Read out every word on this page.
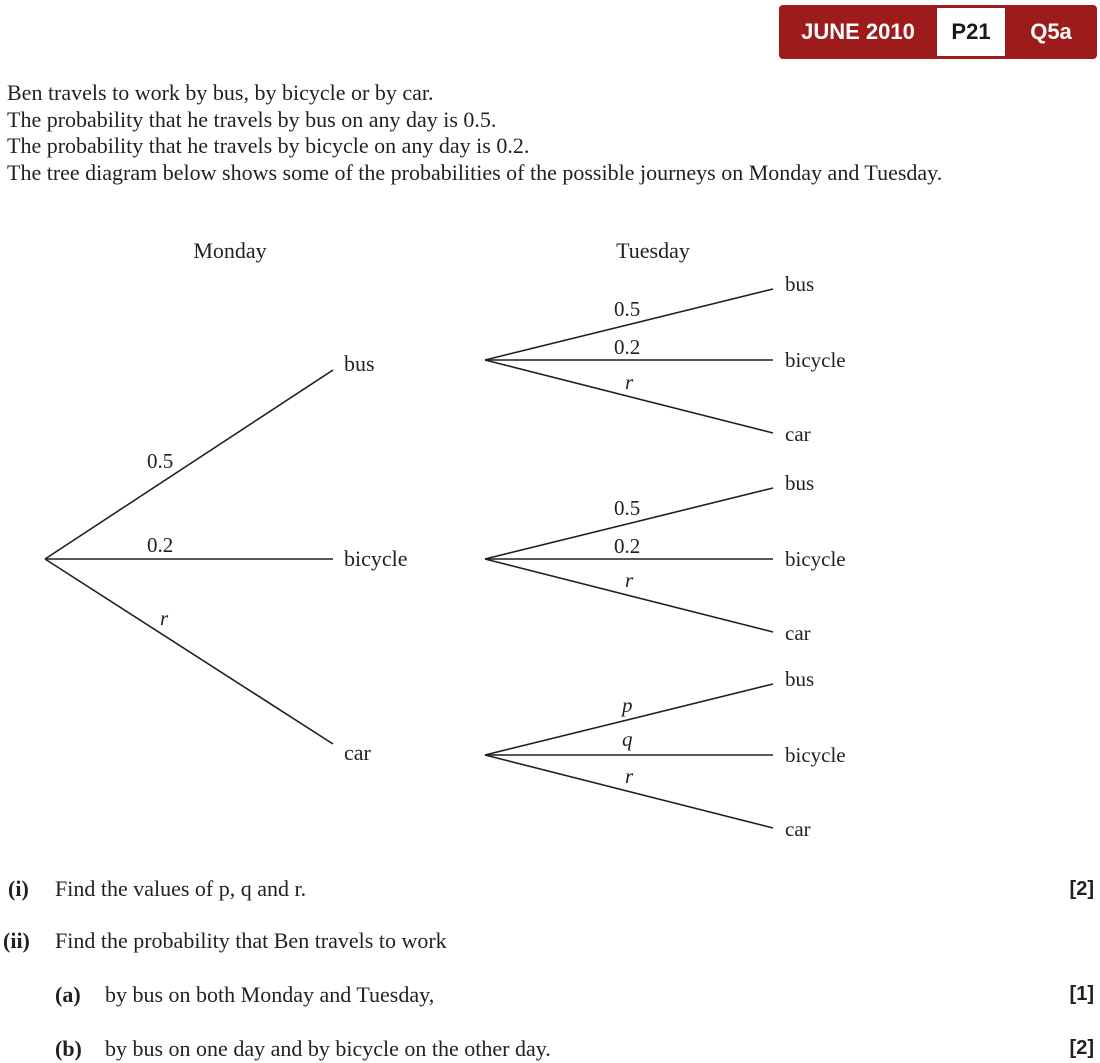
JUNE 2010	P21	Q5a

Ben travels to work by bus, by bicycle or by car.

The probability that he travels by bus on any day is 0.5.

The probability that he travels by bicycle on any day is 0.2.

The tree diagram below shows some of the probabilities of the possible journeys on Monday and Tuesday.

Monday	Tuesday
0.5
0.2
r
bus
bicycle
car
0.5
0.2
r
bus
bicycle
car
0.5
0.2
r
bus
bicycle
car
p
q
r
bus
bicycle
car
(i) Find the values of p, q and r.	[2]
(ii) Find the probability that Ben travels to work
(a) by bus on both Monday and Tuesday,	[1]
(b) by bus on one day and by bicycle on the other day.	[2]
